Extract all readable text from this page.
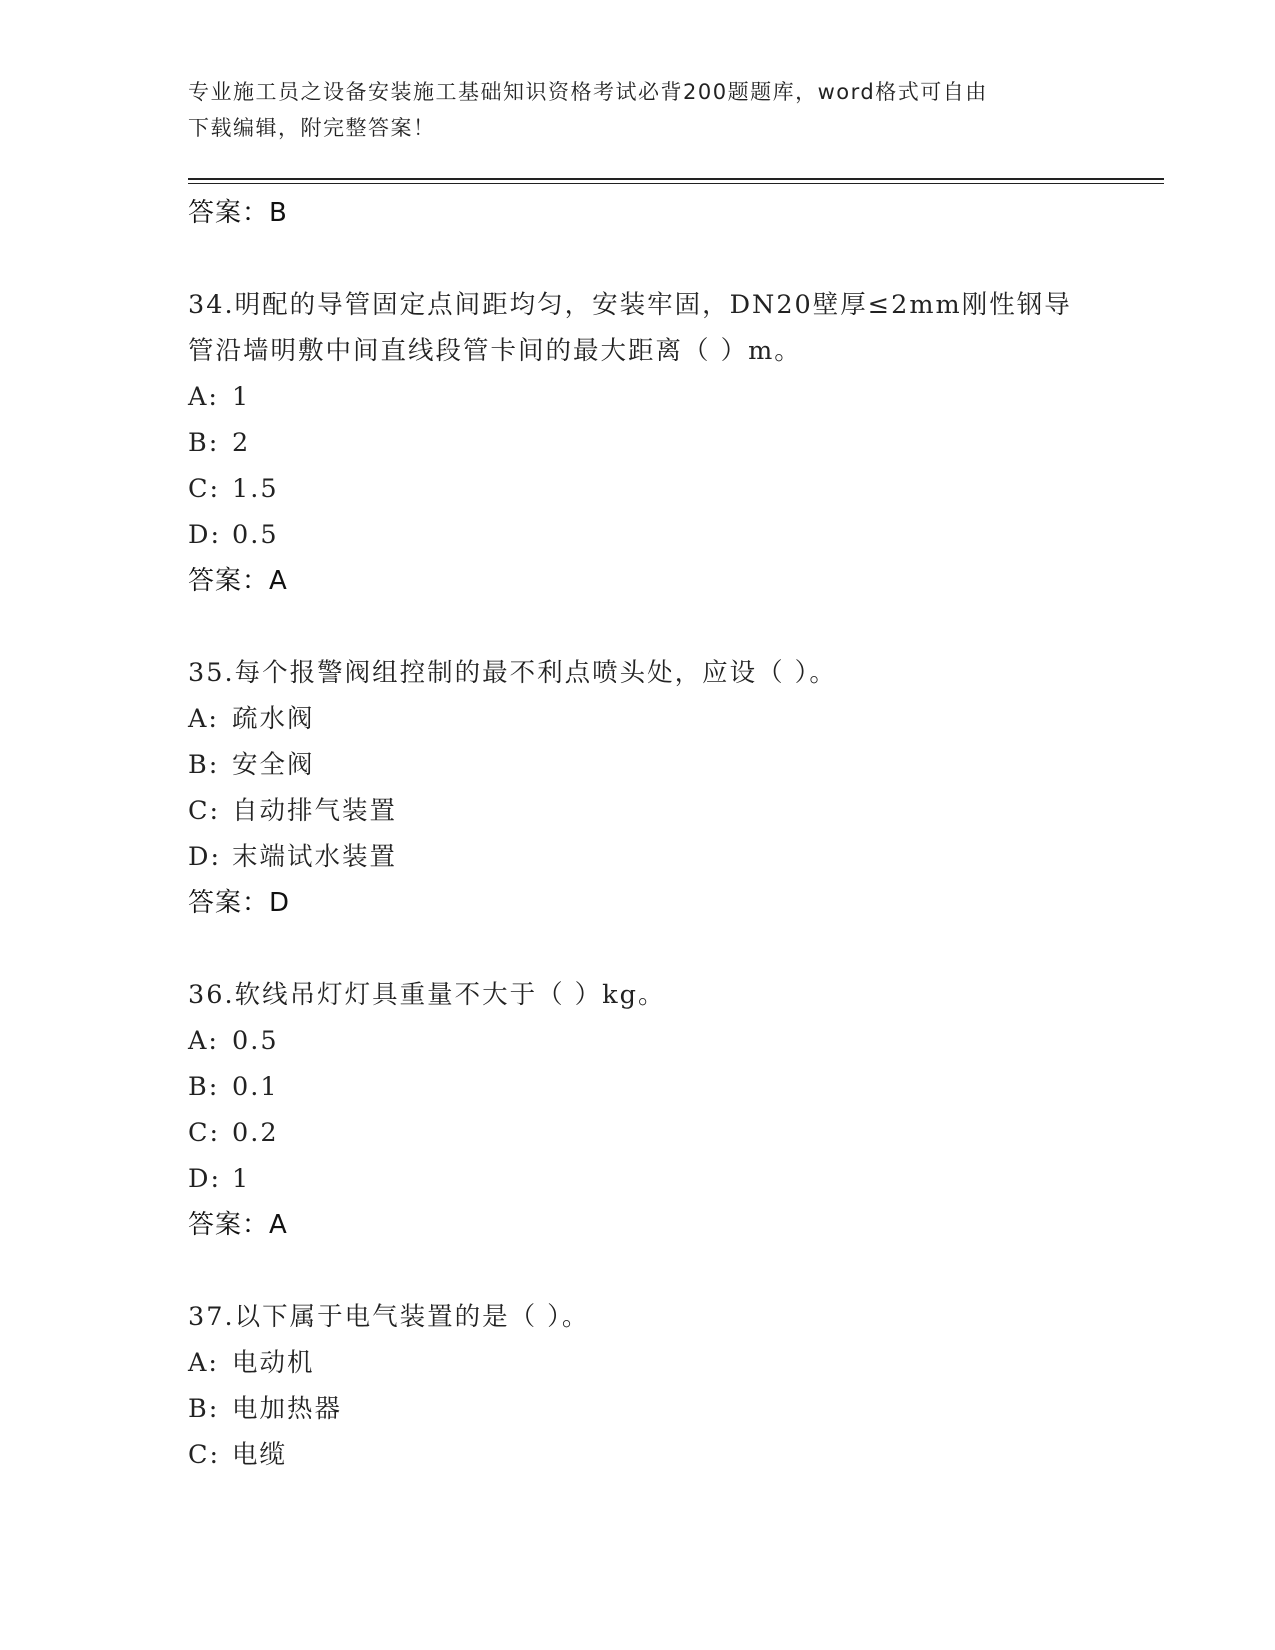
专业施工员之设备安装施工基础知识资格考试必背200题题库，word格式可自由
下载编辑，附完整答案！
答案：B
34.明配的导管固定点间距均匀，安装牢固，DN20壁厚≤2mm刚性钢导
管沿墙明敷中间直线段管卡间的最大距离（ ）m。
A: 1
B: 2
C: 1.5
D: 0.5
答案：A
35.每个报警阀组控制的最不利点喷头处，应设（ ）。
A: 疏水阀
B: 安全阀
C: 自动排气装置
D: 末端试水装置
答案：D
36.软线吊灯灯具重量不大于（ ）kg。
A: 0.5
B: 0.1
C: 0.2
D: 1
答案：A
37.以下属于电气装置的是（ ）。
A: 电动机
B: 电加热器
C: 电缆
